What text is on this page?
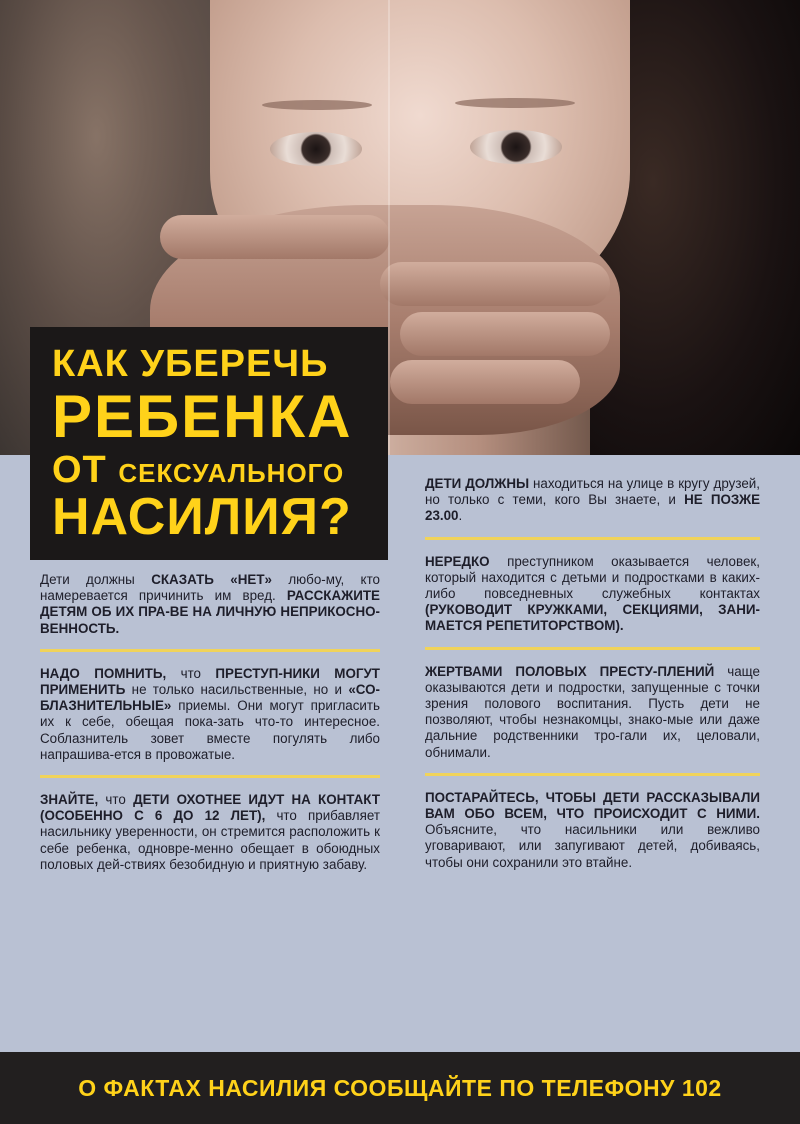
КАК УБЕРЕЧЬ
РЕБЕНКА
ОТ СЕКСУАЛЬНОГО
НАСИЛИЯ?

Дети должны СКАЗАТЬ «НЕТ» любо-му, кто намеревается причинить им вред. РАССКАЖИТЕ ДЕТЯМ ОБ ИХ ПРА-ВЕ НА ЛИЧНУЮ НЕПРИКОСНО-ВЕННОСТЬ.

НАДО ПОМНИТЬ, что ПРЕСТУП-НИКИ МОГУТ ПРИМЕНИТЬ не только насильственные, но и «СО-БЛАЗНИТЕЛЬНЫЕ» приемы. Они могут пригласить их к себе, обещая пока-зать что-то интересное. Соблазнитель зовет вместе погулять либо напрашива-ется в провожатые.

ЗНАЙТЕ, что ДЕТИ ОХОТНЕЕ ИДУТ НА КОНТАКТ (ОСОБЕННО С 6 ДО 12 ЛЕТ), что прибавляет насильнику уверенности, он стремится расположить к себе ребенка, одновре-менно обещает в обоюдных половых дей-ствиях безобидную и приятную забаву.

ДЕТИ ДОЛЖНЫ находиться на улице в кругу друзей, но только с теми, кого Вы знаете, и НЕ ПОЗЖЕ 23.00.

НЕРЕДКО преступником оказывается человек, который находится с детьми и подростками в каких-либо повседневных служебных контактах (РУКОВОДИТ КРУЖКАМИ, СЕКЦИЯМИ, ЗАНИ-МАЕТСЯ РЕПЕТИТОРСТВОМ).

ЖЕРТВАМИ ПОЛОВЫХ ПРЕСТУ-ПЛЕНИЙ чаще оказываются дети и подростки, запущенные с точки зрения полового воспитания. Пусть дети не позволяют, чтобы незнакомцы, знако-мые или даже дальние родственники тро-гали их, целовали, обнимали.

ПОСТАРАЙТЕСЬ, ЧТОБЫ ДЕТИ РАССКАЗЫВАЛИ ВАМ ОБО ВСЕМ, ЧТО ПРОИСХОДИТ С НИМИ. Объясните, что насильники или вежливо уговаривают, или запугивают детей, добиваясь, чтобы они сохранили это втайне.

О ФАКТАХ НАСИЛИЯ СООБЩАЙТЕ ПО ТЕЛЕФОНУ 102
